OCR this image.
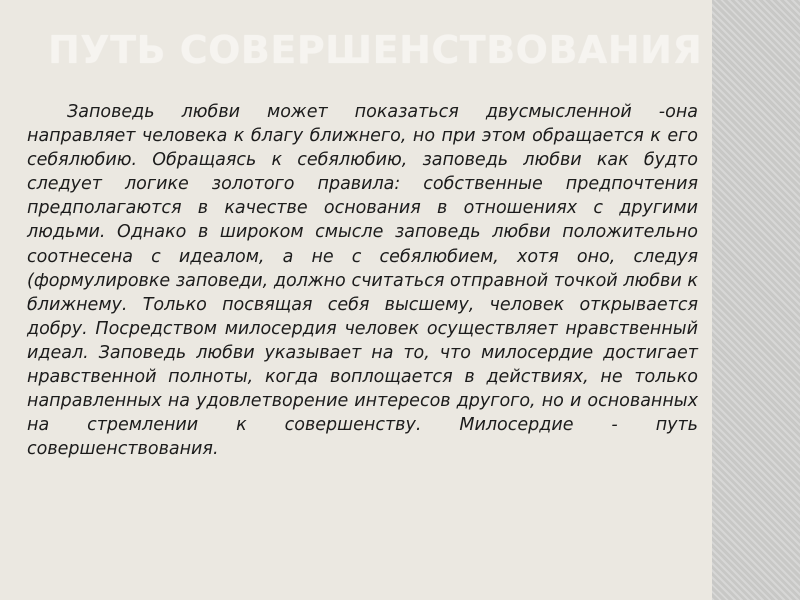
ПУТЬ СОВЕРШЕНСТВОВАНИЯ

Заповедь любви может показаться двусмысленной -она направляет человека к благу ближнего, но при этом обращается к его себялюбию. Обращаясь к себялюбию, заповедь любви как будто следует логике золотого правила: собственные предпочтения предполагаются в качестве основания в отношениях с другими людьми. Однако в широком смысле заповедь любви положительно соотнесена с идеалом, а не с себялюбием, хотя оно, следуя (формулировке заповеди, должно считаться отправной точкой любви к ближнему. Только посвящая себя высшему, человек открывается добру. Посредством милосердия человек осуществляет нравственный идеал. Заповедь любви указывает на то, что милосердие достигает нравственной полноты, когда воплощается в действиях, не только направленных на удовлетворение интересов другого, но и основанных на стремлении к совершенству. Милосердие - путь совершенствования.
